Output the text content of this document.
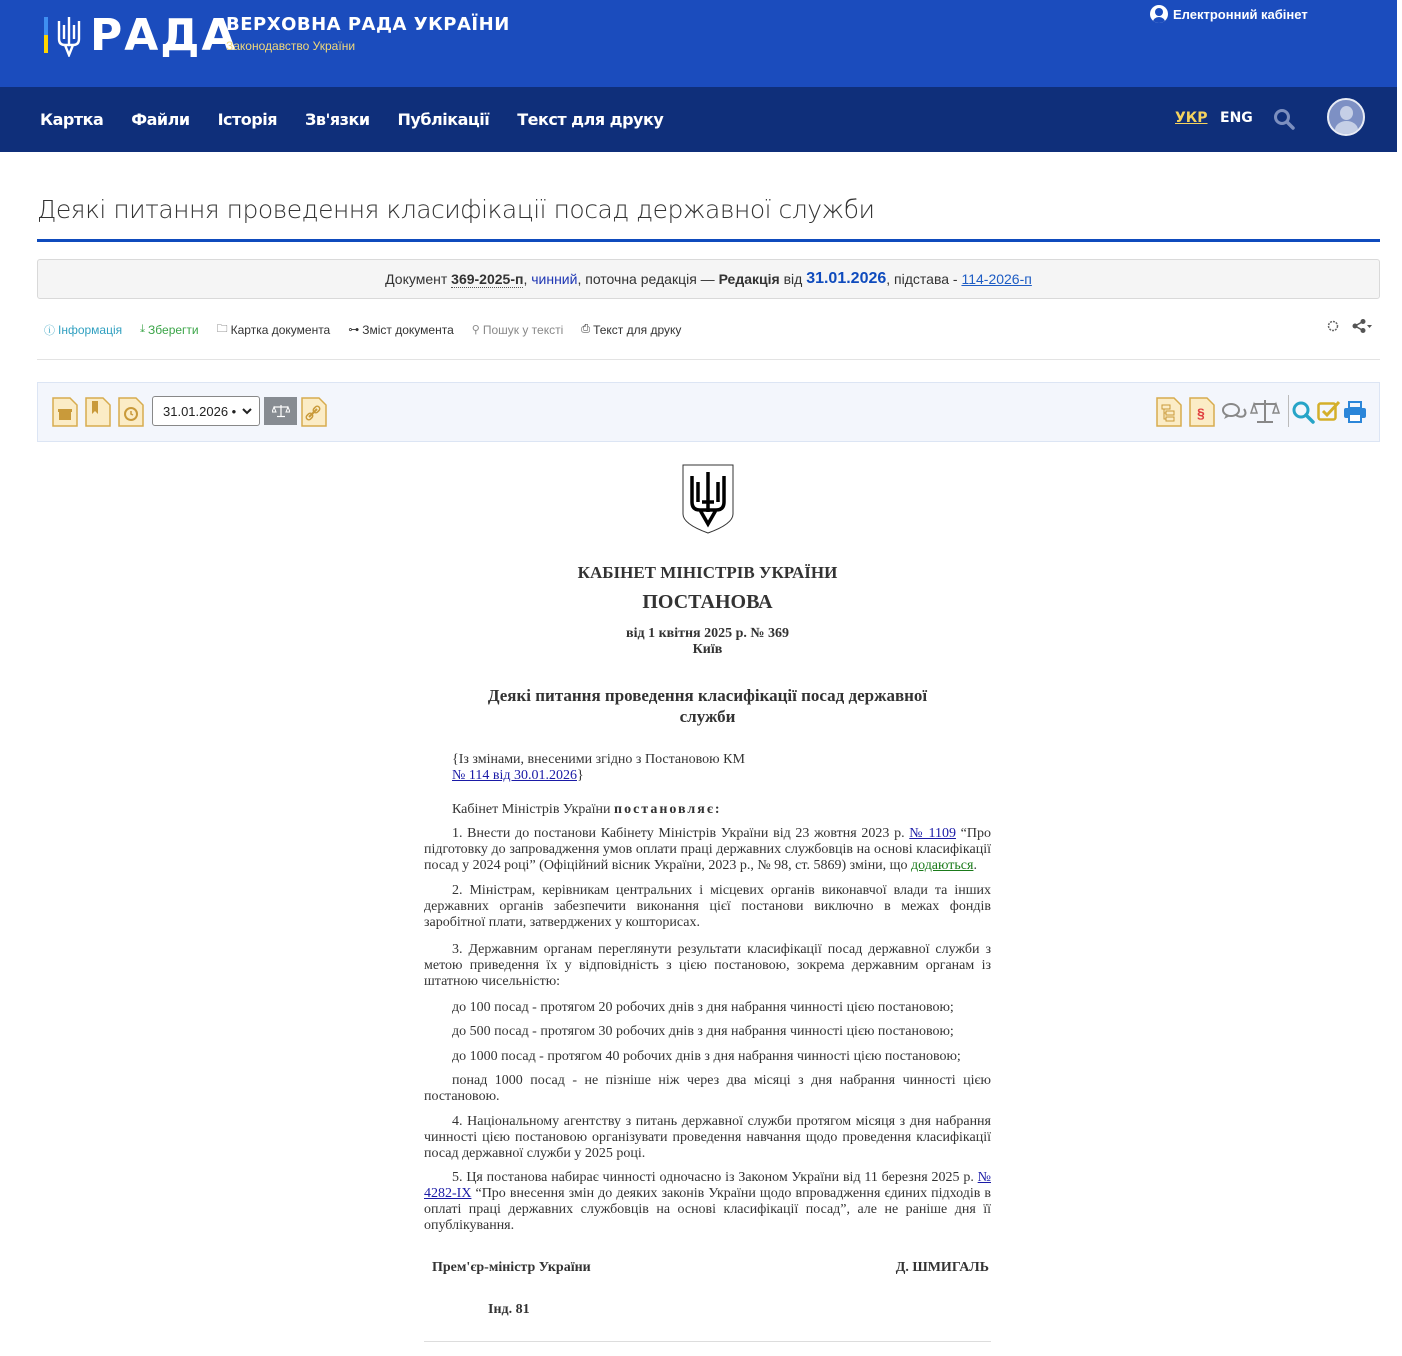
РАДА
ВЕРХОВНА РАДА УКРАЇНИ
Законодавство України
Електронний кабінет
Картка Файли Історія Зв'язки Публікації Текст для друку	УКР ENG
Деякі питання проведення класифікації посад державної служби
Документ
369-2025-п ,
чинний , поточна редакція —
Редакція
від
31.01.2026 , підстава -
114-2026-п
ⓘ Інформація ⤓ Зберегти 🗀 Картка документа ⊶ Зміст документа ⚲ Пошук у тексті ⎙ Текст для друку
31.01.2026 •	§
КАБІНЕТ МІНІСТРІВ УКРАЇНИ
ПОСТАНОВА
від 1 квітня 2025 р. № 369
Київ
Деякі питання проведення класифікації посад державної служби
{Із змінами, внесеними згідно з Постановою КМ
№ 114 від 30.01.2026}
Кабінет Міністрів України постановляє:

1. Внести до постанови Кабінету Міністрів України від 23 жовтня 2023 р. № 1109 “Про підготовку до запровадження умов оплати праці державних службовців на основі класифікації посад у 2024 році” (Офіційний вісник України, 2023 р., № 98, ст. 5869) зміни, що додаються.

2. Міністрам, керівникам центральних і місцевих органів виконавчої влади та інших державних органів забезпечити виконання цієї постанови виключно в межах фондів заробітної плати, затверджених у кошторисах.

3. Державним органам переглянути результати класифікації посад державної служби з метою приведення їх у відповідність з цією постановою, зокрема державним органам із штатною чисельністю:

до 100 посад - протягом 20 робочих днів з дня набрання чинності цією постановою;

до 500 посад - протягом 30 робочих днів з дня набрання чинності цією постановою;

до 1000 посад - протягом 40 робочих днів з дня набрання чинності цією постановою;

понад 1000 посад - не пізніше ніж через два місяці з дня набрання чинності цією постановою.

4. Національному агентству з питань державної служби протягом місяця з дня набрання чинності цією постановою організувати проведення навчання щодо проведення класифікації посад державної служби у 2025 році.

5. Ця постанова набирає чинності одночасно із Законом України від 11 березня 2025 р. № 4282-IX “Про внесення змін до деяких законів України щодо впровадження єдиних підходів в оплаті праці державних службовців на основі класифікації посад”, але не раніше дня її опублікування.

Прем'єр-міністр України	Д. ШМИГАЛЬ
Інд. 81
